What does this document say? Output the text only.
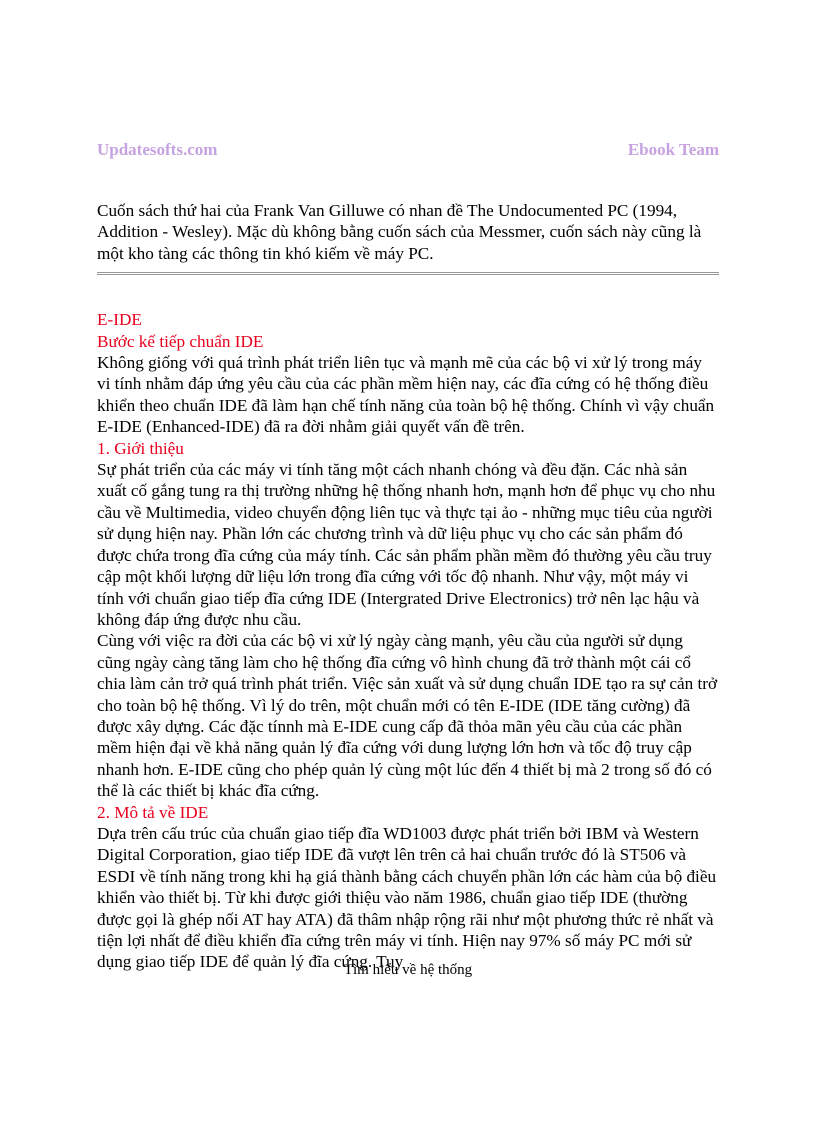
Updatesofts.com	Ebook Team

Cuốn sách thứ hai của Frank Van Gilluwe có nhan đề The Undocumented PC (1994, Addition - Wesley). Mặc dù không bằng cuốn sách của Messmer, cuốn sách này cũng là một kho tàng các thông tin khó kiếm về máy PC.

E-IDE

Bước kế tiếp chuẩn IDE

Không giống với quá trình phát triển liên tục và mạnh mẽ của các bộ vi xử lý trong máy vi tính nhằm đáp ứng yêu cầu của các phần mềm hiện nay, các đĩa cứng có hệ thống điều khiển theo chuẩn IDE đã làm hạn chế tính năng của toàn bộ hệ thống. Chính vì vậy chuẩn E-IDE (Enhanced-IDE) đã ra đời nhằm giải quyết vấn đề trên.

1. Giới thiệu

Sự phát triển của các máy vi tính tăng một cách nhanh chóng và đều đặn. Các nhà sản xuất cố gắng tung ra thị trường những hệ thống nhanh hơn, mạnh hơn để phục vụ cho nhu cầu về Multimedia, video chuyển động liên tục và thực tại ảo - những mục tiêu của người sử dụng hiện nay. Phần lớn các chương trình và dữ liệu phục vụ cho các sản phẩm đó được chứa trong đĩa cứng của máy tính. Các sản phẩm phần mềm đó thường yêu cầu truy cập một khối lượng dữ liệu lớn trong đĩa cứng với tốc độ nhanh. Như vậy, một máy vi tính với chuẩn giao tiếp đĩa cứng IDE (Intergrated Drive Electronics) trở nên lạc hậu và không đáp ứng được nhu cầu.

Cùng với việc ra đời của các bộ vi xử lý ngày càng mạnh, yêu cầu của người sử dụng cũng ngày càng tăng làm cho hệ thống đĩa cứng vô hình chung đã trở thành một cái cổ chia làm cản trở quá trình phát triển. Việc sản xuất và sử dụng chuẩn IDE tạo ra sự cản trở cho toàn bộ hệ thống. Vì lý do trên, một chuẩn mới có tên E-IDE (IDE tăng cường) đã được xây dựng. Các đặc tínnh mà E-IDE cung cấp đã thỏa mãn yêu cầu của các phần mềm hiện đại về khả năng quản lý đĩa cứng với dung lượng lớn hơn và tốc độ truy cập nhanh hơn. E-IDE cũng cho phép quản lý cùng một lúc đến 4 thiết bị mà 2 trong số đó có thể là các thiết bị khác đĩa cứng.

2. Mô tả về IDE

Dựa trên cấu trúc của chuẩn giao tiếp đĩa WD1003 được phát triển bởi IBM và Western Digital Corporation, giao tiếp IDE đã vượt lên trên cả hai chuẩn trước đó là ST506 và ESDI về tính năng trong khi hạ giá thành bằng cách chuyển phần lớn các hàm của bộ điều khiển vào thiết bị. Từ khi được giới thiệu vào năm 1986, chuẩn giao tiếp IDE (thường được gọi là ghép nối AT hay ATA) đã thâm nhập rộng rãi như một phương thức rẻ nhất và tiện lợi nhất để điều khiển đĩa cứng trên máy vi tính. Hiện nay 97% số máy PC mới sử dụng giao tiếp IDE để quản lý đĩa cứng. Tuy

Tìm hiểu về hệ thống
